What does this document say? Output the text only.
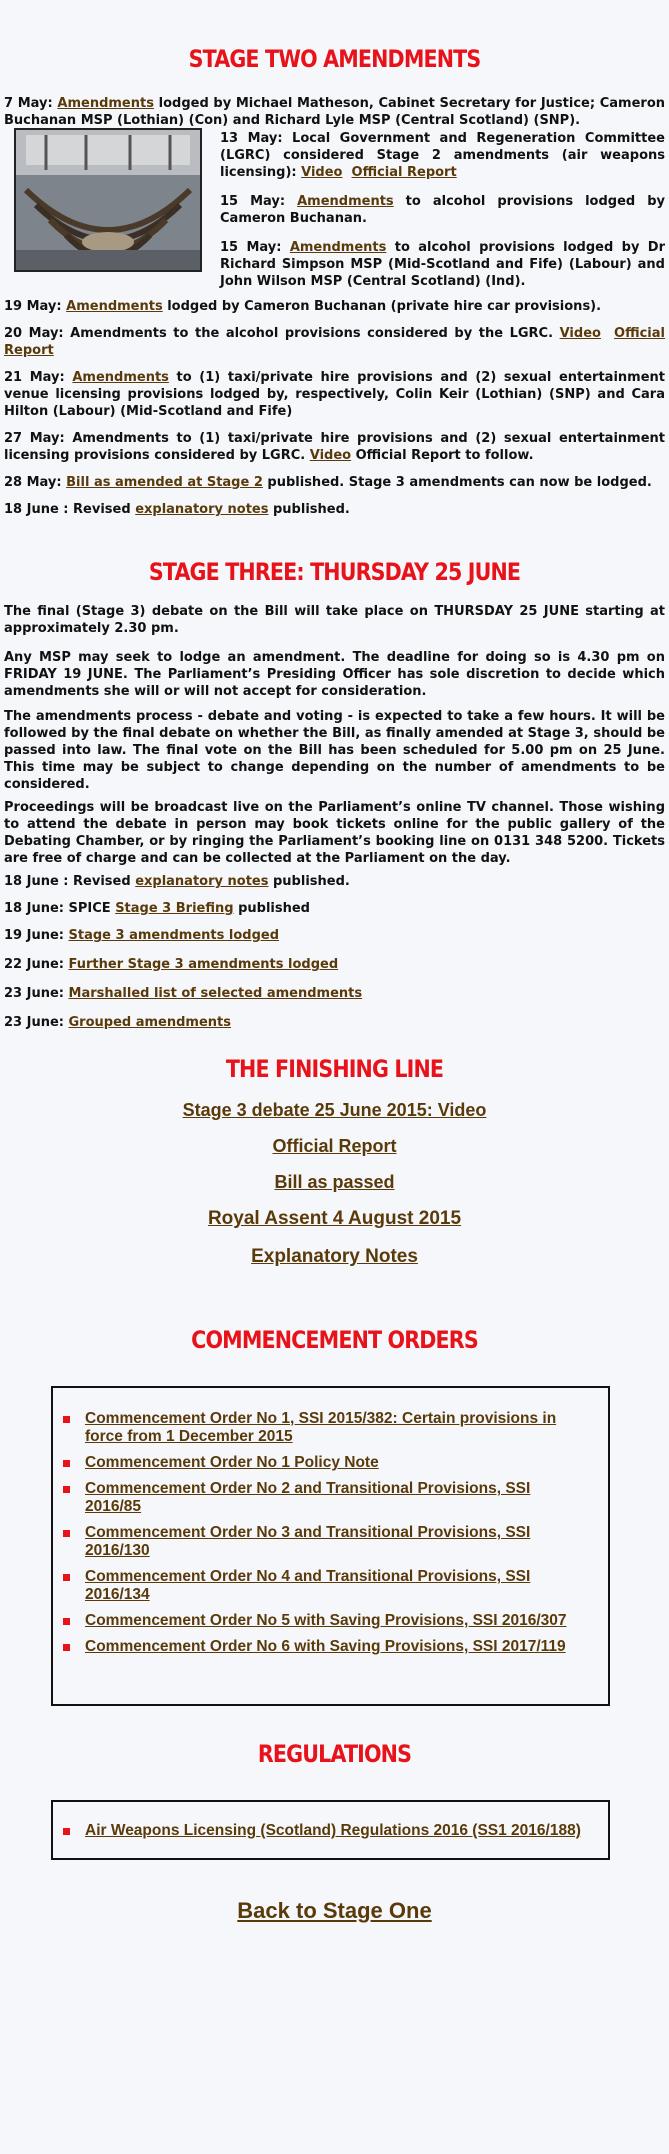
STAGE TWO AMENDMENTS

7 May: Amendments lodged by Michael Matheson, Cabinet Secretary for Justice; Cameron Buchanan MSP (Lothian) (Con) and Richard Lyle MSP (Central Scotland) (SNP).

13 May: Local Government and Regeneration Committee (LGRC) considered Stage 2 amendments (air weapons licensing): Video Official Report

15 May: Amendments to alcohol provisions lodged by Cameron Buchanan.

15 May: Amendments to alcohol provisions lodged by Dr Richard Simpson MSP (Mid-Scotland and Fife) (Labour) and John Wilson MSP (Central Scotland) (Ind).

19 May: Amendments lodged by Cameron Buchanan (private hire car provisions).

20 May: Amendments to the alcohol provisions considered by the LGRC. Video Official Report

21 May: Amendments to (1) taxi/private hire provisions and (2) sexual entertainment venue licensing provisions lodged by, respectively, Colin Keir (Lothian) (SNP) and Cara Hilton (Labour) (Mid-Scotland and Fife)

27 May: Amendments to (1) taxi/private hire provisions and (2) sexual entertainment licensing provisions considered by LGRC. Video Official Report to follow.

28 May: Bill as amended at Stage 2 published. Stage 3 amendments can now be lodged.

18 June : Revised explanatory notes published.

STAGE THREE: THURSDAY 25 JUNE

The final (Stage 3) debate on the Bill will take place on THURSDAY 25 JUNE starting at approximately 2.30 pm.

Any MSP may seek to lodge an amendment. The deadline for doing so is 4.30 pm on FRIDAY 19 JUNE. The Parliament’s Presiding Officer has sole discretion to decide which amendments she will or will not accept for consideration.

The amendments process - debate and voting - is expected to take a few hours. It will be followed by the final debate on whether the Bill, as finally amended at Stage 3, should be passed into law. The final vote on the Bill has been scheduled for 5.00 pm on 25 June. This time may be subject to change depending on the number of amendments to be considered.

Proceedings will be broadcast live on the Parliament’s online TV channel. Those wishing to attend the debate in person may book tickets online for the public gallery of the Debating Chamber, or by ringing the Parliament’s booking line on 0131 348 5200. Tickets are free of charge and can be collected at the Parliament on the day.

18 June : Revised explanatory notes published.

18 June: SPICE Stage 3 Briefing published

19 June: Stage 3 amendments lodged

22 June: Further Stage 3 amendments lodged

23 June: Marshalled list of selected amendments

23 June: Grouped amendments

THE FINISHING LINE
Stage 3 debate 25 June 2015: Video
Official Report
Bill as passed
Royal Assent 4 August 2015
Explanatory Notes
COMMENCEMENT ORDERS
Commencement Order No 1, SSI 2015/382: Certain provisions in force from 1 December 2015
Commencement Order No 1 Policy Note
Commencement Order No 2 and Transitional Provisions, SSI 2016/85
Commencement Order No 3 and Transitional Provisions, SSI 2016/130
Commencement Order No 4 and Transitional Provisions, SSI 2016/134
Commencement Order No 5 with Saving Provisions, SSI 2016/307
Commencement Order No 6 with Saving Provisions, SSI 2017/119
REGULATIONS
Air Weapons Licensing (Scotland) Regulations 2016 (SS1 2016/188)
Back to Stage One
